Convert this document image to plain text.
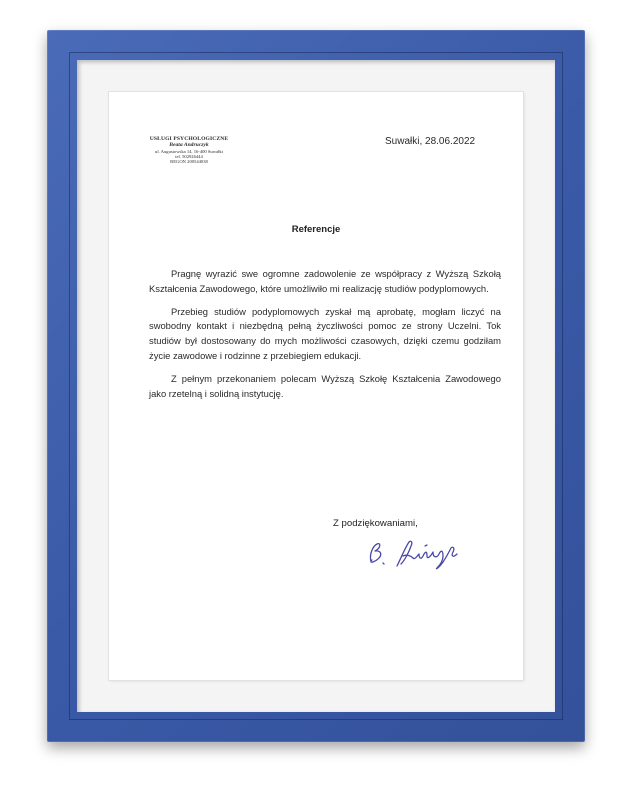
USŁUGI PSYCHOLOGICZNE
Beata Andruczyk
ul. Augustowska 14, 16-400 Suwałki
tel. 502926444
REGON 200544038
Suwałki, 28.06.2022
Referencje

Pragnę wyrazić swe ogromne zadowolenie ze współpracy z Wyższą Szkołą Kształcenia Zawodowego, które umożliwiło mi realizację studiów podyplomowych.

Przebieg studiów podyplomowych zyskał mą aprobatę, mogłam liczyć na swobodny kontakt i niezbędną pełną życzliwości pomoc ze strony Uczelni. Tok studiów był dostosowany do mych możliwości czasowych, dzięki czemu godziłam życie zawodowe i rodzinne z przebiegiem edukacji.

Z pełnym przekonaniem polecam Wyższą Szkołę Kształcenia Zawodowego jako rzetelną i solidną instytucję.

Z podziękowaniami,
